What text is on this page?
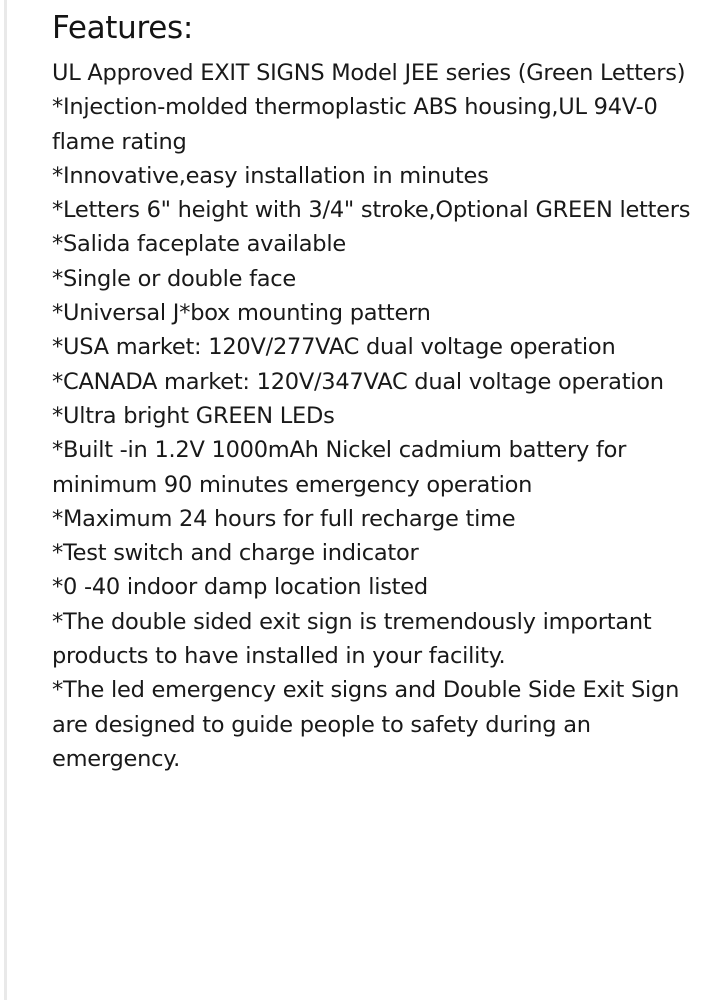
Features:
UL Approved EXIT SIGNS Model JEE series (Green Letters)
*Injection-molded thermoplastic ABS housing,UL 94V-0 flame rating
*Innovative,easy installation in minutes
*Letters 6" height with 3/4" stroke,Optional GREEN letters
*Salida faceplate available
*Single or double face
*Universal J*box mounting pattern
*USA market: 120V/277VAC dual voltage operation
*CANADA market: 120V/347VAC dual voltage operation
*Ultra bright GREEN LEDs
*Built -in 1.2V 1000mAh Nickel cadmium battery for minimum 90 minutes emergency operation
*Maximum 24 hours for full recharge time
*Test switch and charge indicator
*0 -40 indoor damp location listed
*The double sided exit sign is tremendously important products to have installed in your facility.
*The led emergency exit signs and Double Side Exit Sign are designed to guide people to safety during an emergency.
